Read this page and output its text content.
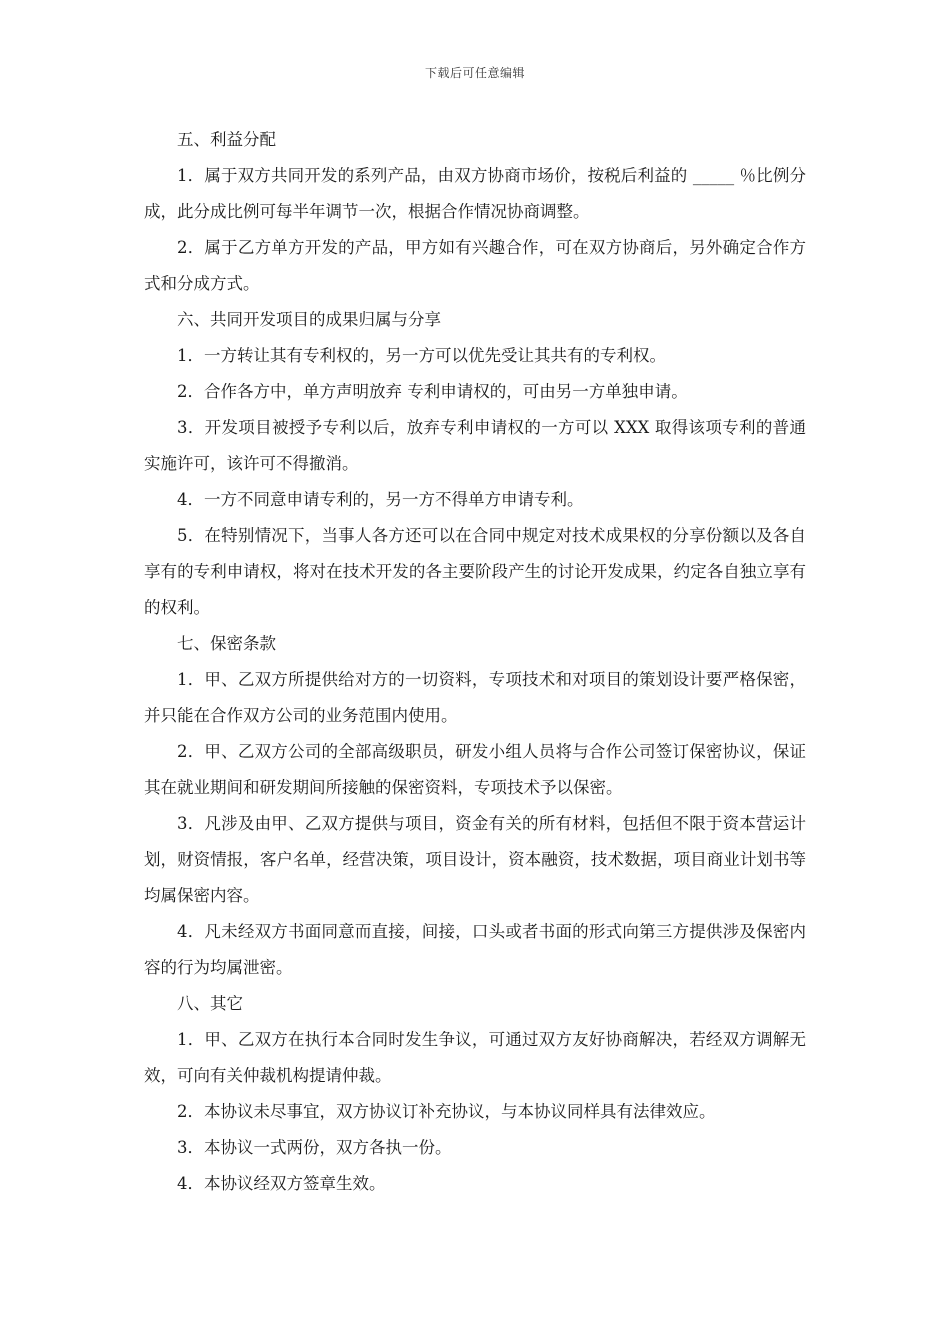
下载后可任意编辑

五、利益分配

1．属于双方共同开发的系列产品，由双方协商市场价，按税后利益的 _____ ％比例分成，此分成比例可每半年调节一次，根据合作情况协商调整。

2．属于乙方单方开发的产品，甲方如有兴趣合作，可在双方协商后，另外确定合作方式和分成方式。

六、共同开发项目的成果归属与分享

1．一方转让其有专利权的，另一方可以优先受让其共有的专利权。

2．合作各方中，单方声明放弃 专利申请权的，可由另一方单独申请。

3．开发项目被授予专利以后，放弃专利申请权的一方可以 XXX 取得该项专利的普通实施许可，该许可不得撤消。

4．一方不同意申请专利的，另一方不得单方申请专利。

5．在特别情况下，当事人各方还可以在合同中规定对技术成果权的分享份额以及各自享有的专利申请权，将对在技术开发的各主要阶段产生的讨论开发成果，约定各自独立享有的权利。

七、保密条款

1．甲、乙双方所提供给对方的一切资料，专项技术和对项目的策划设计要严格保密，并只能在合作双方公司的业务范围内使用。

2．甲、乙双方公司的全部高级职员，研发小组人员将与合作公司签订保密协议，保证其在就业期间和研发期间所接触的保密资料，专项技术予以保密。

3．凡涉及由甲、乙双方提供与项目，资金有关的所有材料，包括但不限于资本营运计划，财资情报，客户名单，经营决策，项目设计，资本融资，技术数据，项目商业计划书等均属保密内容。

4．凡未经双方书面同意而直接，间接，口头或者书面的形式向第三方提供涉及保密内容的行为均属泄密。

八、其它

1．甲、乙双方在执行本合同时发生争议，可通过双方友好协商解决，若经双方调解无效，可向有关仲裁机构提请仲裁。

2．本协议未尽事宜，双方协议订补充协议，与本协议同样具有法律效应。

3．本协议一式两份，双方各执一份。

4．本协议经双方签章生效。
